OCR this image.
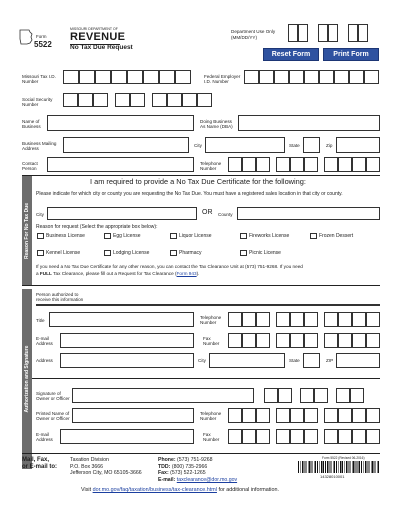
Form
5522
MISSOURI DEPARTMENT OF
REVENUE
No Tax Due Request
Department Use Only
(MM/DD/YY)
Reset Form	Print Form
Missouri Tax I.D.
Number
Federal Employer
I.D. Number
Social Security
Number
Name of
Business
Doing Business
As Name (DBA)
Business Mailing
Address
City	State	Zip
Contact
Person
Telephone
Number
Reason For No Tax Due
I am required to provide a No Tax Due Certificate for the following:
Please indicate for which city or county you are requesting the No Tax Due. You must have a registered sales location in that city or county.
City	OR County
Reason for request (Select the appropriate box below):
Business License	Egg License	Liquor License	Fireworks License	Frozen Dessert
Kennel License	Lodging License	Pharmacy	Picnic License
If you need a No Tax Due Certificate for any other reason, you can contact the Tax Clearance Unit at (573) 751-9268. If you need
a FULL Tax Clearance, please fill out a Request for Tax Clearance (Form 943).
Authorization and Signature
Person authorized to
receive this information
Title
Telephone
Number
E-mail
Address
Fax
Number
Address	City	State	ZIP
Signature of
Owner or Officer
Printed Name of
Owner or Officer
Telephone
Number
E-mail
Address
Fax
Number
Mail, Fax,
or E-mail to:
Taxation Division
P.O. Box 3666
Jefferson City, MO 65105-3666
Phone: (573) 751-9268
TDD: (800) 735-2966
Fax: (573) 522-1265
E-mail: taxclearance@dor.mo.gov
Form 5522 (Revised 06-2016)
14328010001
Visit dor.mo.gov/faq/taxation/business/tax-clearance.html for additional information.
